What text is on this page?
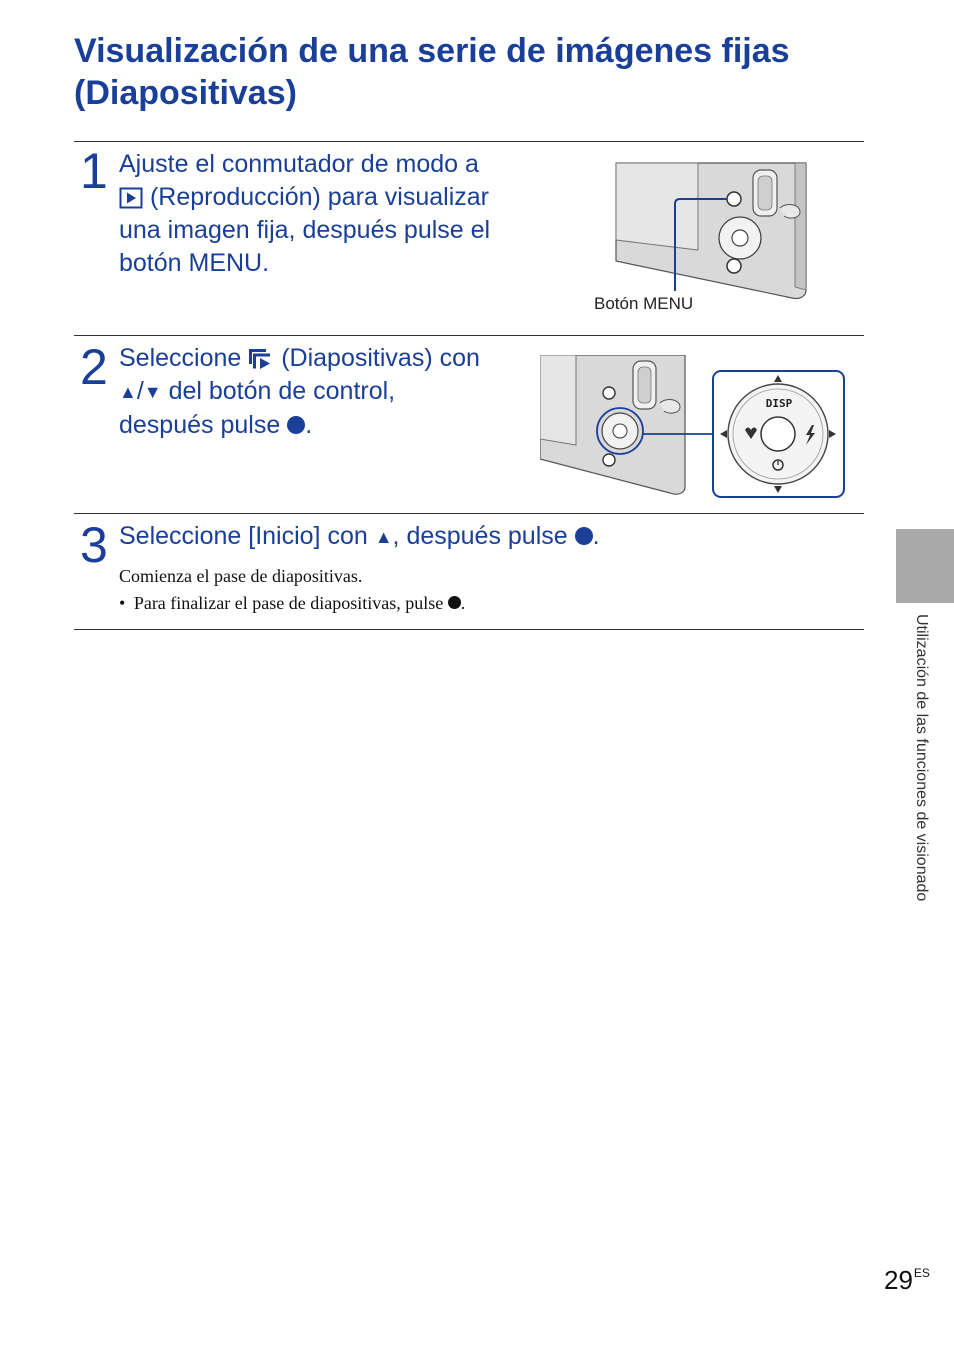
Visualización de una serie de imágenes fijas
(Diapositivas)
1 Ajuste el conmutador de modo a
(Reproducción) para visualizar
una imagen fija, después pulse el
botón MENU.
Botón MENU
2 Seleccione (Diapositivas) con
▲/▼ del botón de control,
después pulse .
DISP
3 Seleccione [Inicio] con ▲, después pulse .
Comienza el pase de diapositivas.
• Para finalizar el pase de diapositivas, pulse .
Utilización de las funciones de visionado
$29^{ES}$
